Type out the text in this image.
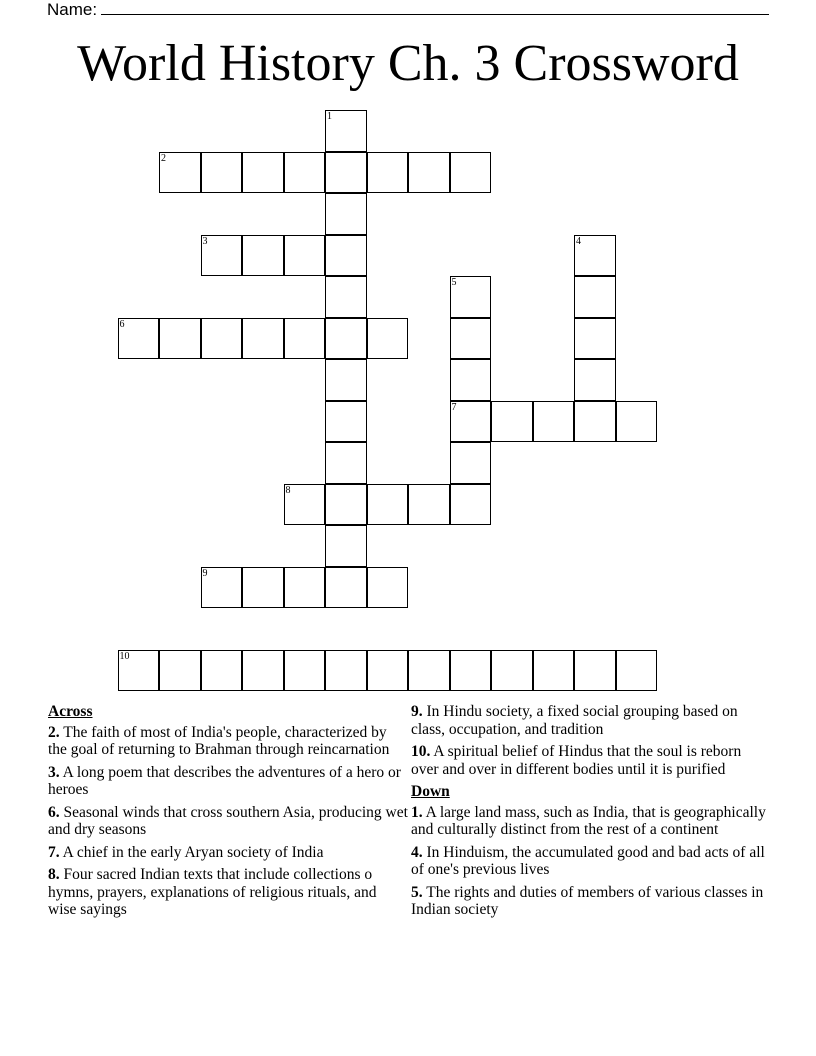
Name:
World History Ch. 3 Crossword
1
2
3	4
5
7
6
8
9
10
Across
2. The faith of most of India's people, characterized by the goal of returning to Brahman through reincarnation
3. A long poem that describes the adventures of a hero or heroes
6. Seasonal winds that cross southern Asia, producing wet and dry seasons
7. A chief in the early Aryan society of India
8. Four sacred Indian texts that include collections o hymns, prayers, explanations of religious rituals, and wise sayings
9. In Hindu society, a fixed social grouping based on class, occupation, and tradition
10. A spiritual belief of Hindus that the soul is reborn over and over in different bodies until it is purified
Down
1. A large land mass, such as India, that is geographically and culturally distinct from the rest of a continent
4. In Hinduism, the accumulated good and bad acts of all of one's previous lives
5. The rights and duties of members of various classes in Indian society
